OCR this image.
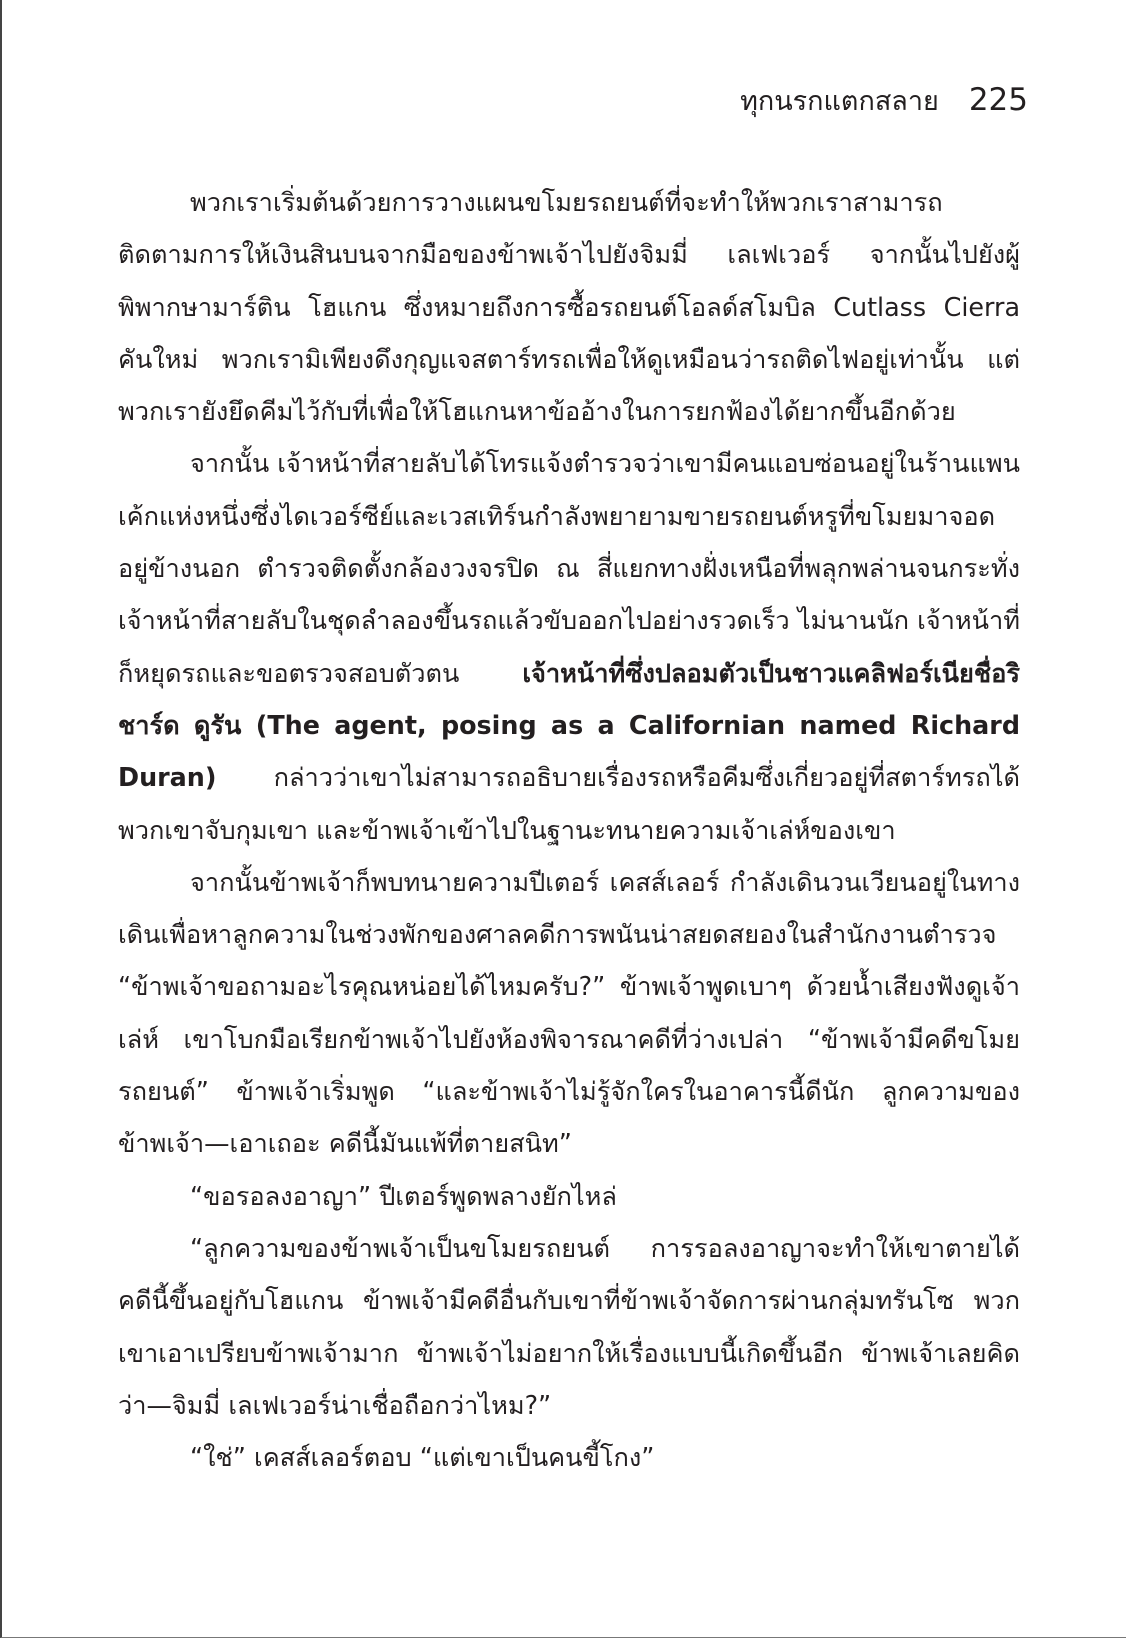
ทุกนรกแตกสลาย 225

พวกเราเริ่มต้นด้วยการวางแผนขโมยรถยนต์ที่จะทำให้พวกเราสามารถติดตามการให้เงินสินบนจากมือของข้าพเจ้าไปยังจิมมี่ เลเฟเวอร์ จากนั้นไปยังผู้พิพากษามาร์ติน โฮแกน ซึ่งหมายถึงการซื้อรถยนต์โอลด์สโมบิล Cutlass Cierra คันใหม่ พวกเรามิเพียงดึงกุญแจสตาร์ทรถเพื่อให้ดูเหมือนว่ารถติดไฟอยู่เท่านั้น แต่พวกเรายังยึดคีมไว้กับที่เพื่อให้โฮแกนหาข้ออ้างในการยกฟ้องได้ยากขึ้นอีกด้วย

จากนั้น เจ้าหน้าที่สายลับได้โทรแจ้งตำรวจว่าเขามีคนแอบซ่อนอยู่ในร้านแพนเค้กแห่งหนึ่งซึ่งไดเวอร์ซีย์และเวสเทิร์นกำลังพยายามขายรถยนต์หรูที่ขโมยมาจอดอยู่ข้างนอก ตำรวจติดตั้งกล้องวงจรปิด ณ สี่แยกทางฝั่งเหนือที่พลุกพล่านจนกระทั่งเจ้าหน้าที่สายลับในชุดลำลองขึ้นรถแล้วขับออกไปอย่างรวดเร็ว ไม่นานนัก เจ้าหน้าที่ก็หยุดรถและขอตรวจสอบตัวตน เจ้าหน้าที่ซึ่งปลอมตัวเป็นชาวแคลิฟอร์เนียชื่อริชาร์ด ดูรัน (The agent, posing as a Californian named Richard Duran) กล่าวว่าเขาไม่สามารถอธิบายเรื่องรถหรือคีมซึ่งเกี่ยวอยู่ที่สตาร์ทรถได้ พวกเขาจับกุมเขา และข้าพเจ้าเข้าไปในฐานะทนายความเจ้าเล่ห์ของเขา

จากนั้นข้าพเจ้าก็พบทนายความปีเตอร์ เคสส์เลอร์ กำลังเดินวนเวียนอยู่ในทางเดินเพื่อหาลูกความในช่วงพักของศาลคดีการพนันน่าสยดสยองในสำนักงานตำรวจ “ข้าพเจ้าขอถามอะไรคุณหน่อยได้ไหมครับ?” ข้าพเจ้าพูดเบาๆ ด้วยน้ำเสียงฟังดูเจ้าเล่ห์ เขาโบกมือเรียกข้าพเจ้าไปยังห้องพิจารณาคดีที่ว่างเปล่า “ข้าพเจ้ามีคดีขโมยรถยนต์” ข้าพเจ้าเริ่มพูด “และข้าพเจ้าไม่รู้จักใครในอาคารนี้ดีนัก ลูกความของข้าพเจ้า—เอาเถอะ คดีนี้มันแพ้ที่ตายสนิท”

“ขอรอลงอาญา” ปีเตอร์พูดพลางยักไหล่

“ลูกความของข้าพเจ้าเป็นขโมยรถยนต์ การรอลงอาญาจะทำให้เขาตายได้ คดีนี้ขึ้นอยู่กับโฮแกน ข้าพเจ้ามีคดีอื่นกับเขาที่ข้าพเจ้าจัดการผ่านกลุ่มทรันโซ พวกเขาเอาเปรียบข้าพเจ้ามาก ข้าพเจ้าไม่อยากให้เรื่องแบบนี้เกิดขึ้นอีก ข้าพเจ้าเลยคิดว่า—จิมมี่ เลเฟเวอร์น่าเชื่อถือกว่าไหม?”

“ใช่” เคสส์เลอร์ตอบ “แต่เขาเป็นคนขี้โกง”
